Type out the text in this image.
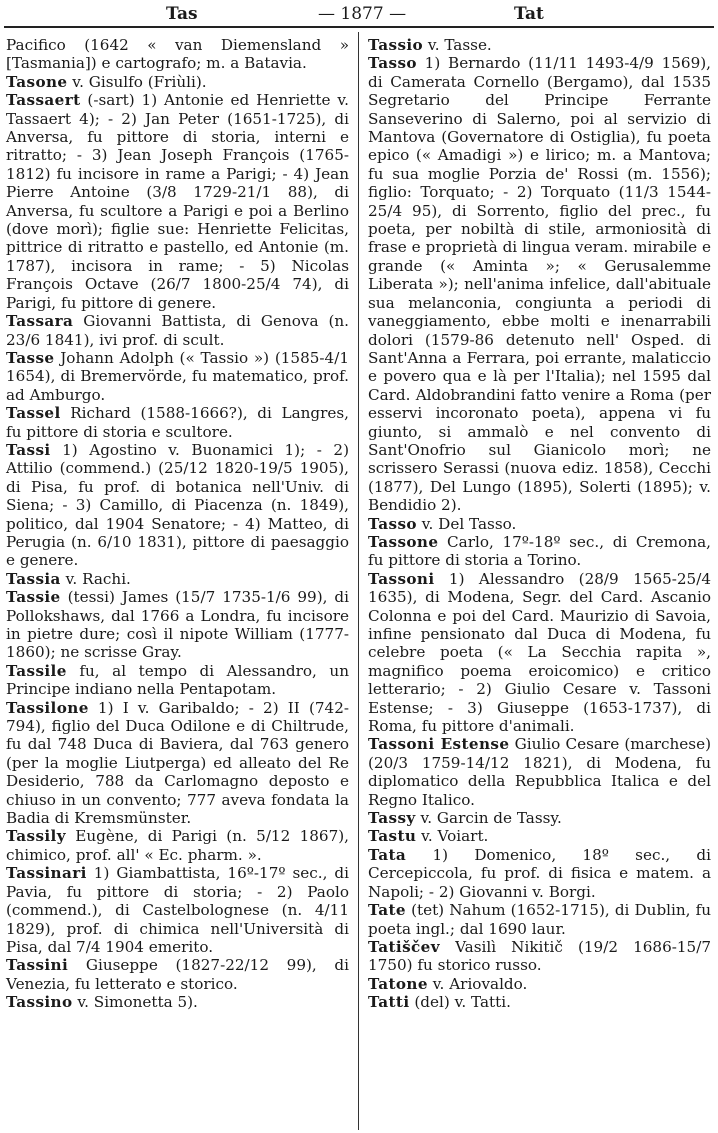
Tas	— 1877 —	Tat

Pacifico (1642 « van Diemensland » [Tasmania]) e cartografo; m. a Batavia.

Tasone v. Gisulfo (Friùli).

Tassaert (-sart) 1) Antonie ed Henriette v. Tassaert 4); - 2) Jan Peter (1651-1725), di Anversa, fu pittore di storia, interni e ritratto; - 3) Jean Joseph François (1765-1812) fu incisore in rame a Parigi; - 4) Jean Pierre Antoine (3/8 1729-21/1 88), di Anversa, fu scultore a Parigi e poi a Berlino (dove morì); figlie sue: Henriette Felicitas, pittrice di ritratto e pastello, ed Antonie (m. 1787), incisora in rame; - 5) Nicolas François Octave (26/7 1800-25/4 74), di Parigi, fu pittore di genere.

Tassara Giovanni Battista, di Genova (n. 23/6 1841), ivi prof. di scult.

Tasse Johann Adolph (« Tassio ») (1585-4/1 1654), di Bremervörde, fu matematico, prof. ad Amburgo.

Tassel Richard (1588-1666?), di Langres, fu pittore di storia e scultore.

Tassi 1) Agostino v. Buonamici 1); - 2) Attilio (commend.) (25/12 1820-19/5 1905), di Pisa, fu prof. di botanica nell'Univ. di Siena; - 3) Camillo, di Piacenza (n. 1849), politico, dal 1904 Senatore; - 4) Matteo, di Perugia (n. 6/10 1831), pittore di paesaggio e genere.

Tassia v. Rachi.

Tassie (tessi) James (15/7 1735-1/6 99), di Pollokshaws, dal 1766 a Londra, fu incisore in pietre dure; così il nipote William (1777-1860); ne scrisse Gray.

Tassile fu, al tempo di Alessandro, un Principe indiano nella Pentapotam.

Tassilone 1) I v. Garibaldo; - 2) II (742-794), figlio del Duca Odilone e di Chiltrude, fu dal 748 Duca di Baviera, dal 763 genero (per la moglie Liutperga) ed alleato del Re Desiderio, 788 da Carlomagno deposto e chiuso in un convento; 777 aveva fondata la Badia di Kremsmünster.

Tassily Eugène, di Parigi (n. 5/12 1867), chimico, prof. all' « Ec. pharm. ».

Tassinari 1) Giambattista, 16º-17º sec., di Pavia, fu pittore di storia; - 2) Paolo (commend.), di Castelbolognese (n. 4/11 1829), prof. di chimica nell'Università di Pisa, dal 7/4 1904 emerito.

Tassini Giuseppe (1827-22/12 99), di Venezia, fu letterato e storico.

Tassino v. Simonetta 5).

Tassio v. Tasse.

Tasso 1) Bernardo (11/11 1493-4/9 1569), di Camerata Cornello (Bergamo), dal 1535 Segretario del Principe Ferrante Sanseverino di Salerno, poi al servizio di Mantova (Governatore di Ostiglia), fu poeta epico (« Amadigi ») e lirico; m. a Mantova; fu sua moglie Porzia de' Rossi (m. 1556); figlio: Torquato; - 2) Torquato (11/3 1544-25/4 95), di Sorrento, figlio del prec., fu poeta, per nobiltà di stile, armoniosità di frase e proprietà di lingua veram. mirabile e grande (« Aminta »; « Gerusalemme Liberata »); nell'anima infelice, dall'abituale sua melanconia, congiunta a periodi di vaneggiamento, ebbe molti e inenarrabili dolori (1579-86 detenuto nell' Osped. di Sant'Anna a Ferrara, poi errante, malaticcio e povero qua e là per l'Italia); nel 1595 dal Card. Aldobrandini fatto venire a Roma (per esservi incoronato poeta), appena vi fu giunto, si ammalò e nel convento di Sant'Onofrio sul Gianicolo morì; ne scrissero Serassi (nuova ediz. 1858), Cecchi (1877), Del Lungo (1895), Solerti (1895); v. Bendidio 2).

Tasso v. Del Tasso.

Tassone Carlo, 17º-18º sec., di Cremona, fu pittore di storia a Torino.

Tassoni 1) Alessandro (28/9 1565-25/4 1635), di Modena, Segr. del Card. Ascanio Colonna e poi del Card. Maurizio di Savoia, infine pensionato dal Duca di Modena, fu celebre poeta (« La Secchia rapita », magnifico poema eroicomico) e critico letterario; - 2) Giulio Cesare v. Tassoni Estense; - 3) Giuseppe (1653-1737), di Roma, fu pittore d'animali.

Tassoni Estense Giulio Cesare (marchese) (20/3 1759-14/12 1821), di Modena, fu diplomatico della Repubblica Italica e del Regno Italico.

Tassy v. Garcin de Tassy.

Tastu v. Voiart.

Tata 1) Domenico, 18º sec., di Cercepiccola, fu prof. di fisica e matem. a Napoli; - 2) Giovanni v. Borgi.

Tate (tet) Nahum (1652-1715), di Dublin, fu poeta ingl.; dal 1690 laur.

Tatiščev Vasilì Nikitič (19/2 1686-15/7 1750) fu storico russo.

Tatone v. Ariovaldo.

Tatti (del) v. Tatti.
